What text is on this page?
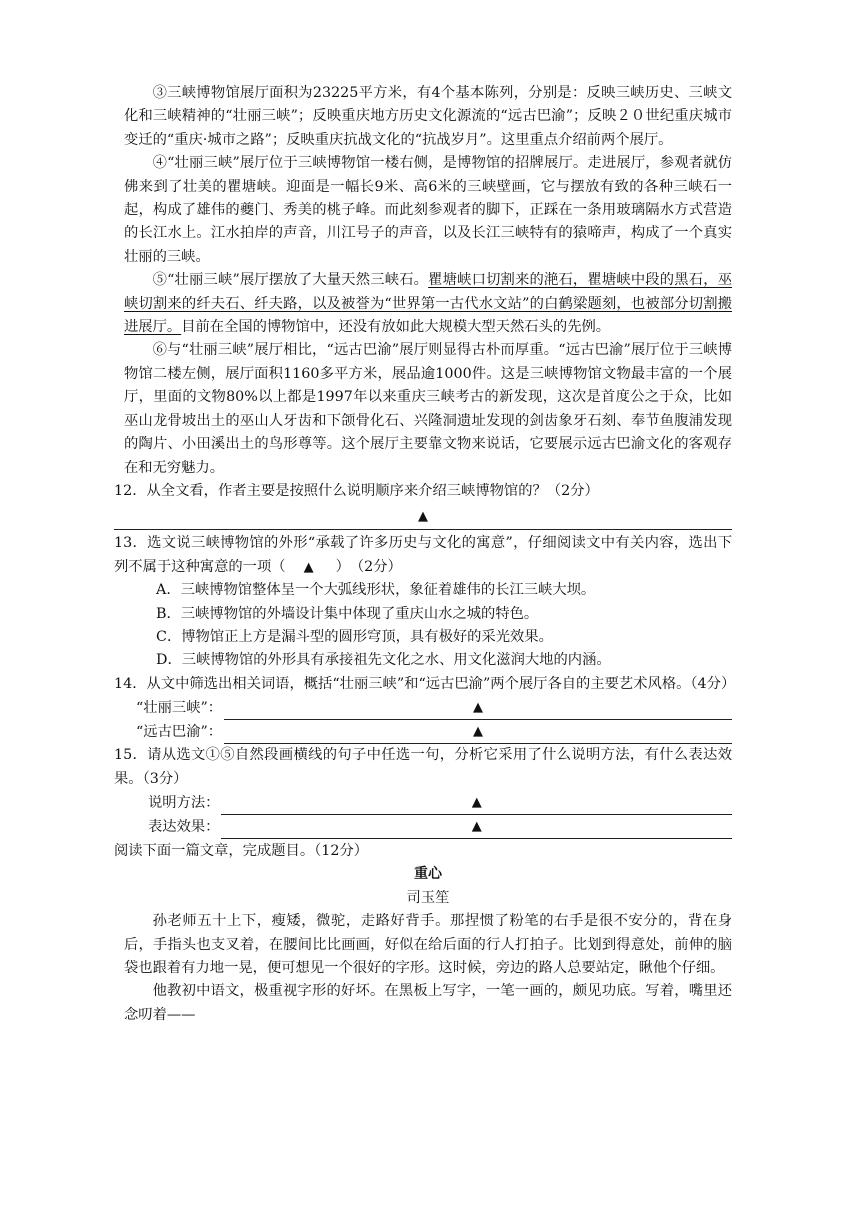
③三峡博物馆展厅面积为23225平方米，有4个基本陈列，分别是：反映三峡历史、三峡文化和三峡精神的“壮丽三峡”；反映重庆地方历史文化源流的“远古巴渝”；反映２０世纪重庆城市变迁的“重庆·城市之路”；反映重庆抗战文化的“抗战岁月”。这里重点介绍前两个展厅。

④“壮丽三峡”展厅位于三峡博物馆一楼右侧，是博物馆的招牌展厅。走进展厅，参观者就仿佛来到了壮美的瞿塘峡。迎面是一幅长9米、高6米的三峡壁画，它与摆放有致的各种三峡石一起，构成了雄伟的夔门、秀美的桃子峰。而此刻参观者的脚下，正踩在一条用玻璃隔水方式营造的长江水上。江水拍岸的声音，川江号子的声音，以及长江三峡特有的猿啼声，构成了一个真实壮丽的三峡。

⑤“壮丽三峡”展厅摆放了大量天然三峡石。瞿塘峡口切割来的滟石，瞿塘峡中段的黑石，巫峡切割来的纤夫石、纤夫路，以及被誉为“世界第一古代水文站”的白鹤梁题刻，也被部分切割搬进展厅。目前在全国的博物馆中，还没有放如此大规模大型天然石头的先例。

⑥与“壮丽三峡”展厅相比，“远古巴渝”展厅则显得古朴而厚重。“远古巴渝”展厅位于三峡博物馆二楼左侧，展厅面积1160多平方米，展品逾1000件。这是三峡博物馆文物最丰富的一个展厅，里面的文物80%以上都是1997年以来重庆三峡考古的新发现，这次是首度公之于众，比如巫山龙骨坡出土的巫山人牙齿和下颌骨化石、兴隆洞遗址发现的剑齿象牙石刻、奉节鱼腹浦发现的陶片、小田溪出土的鸟形尊等。这个展厅主要靠文物来说话，它要展示远古巴渝文化的客观存在和无穷魅力。

12．从全文看，作者主要是按照什么说明顺序来介绍三峡博物馆的？（2分）

▲

13．选文说三峡博物馆的外形“承载了许多历史与文化的寓意”，仔细阅读文中有关内容，选出下列不属于这种寓意的一项（ ▲ ）　（2分）

A．三峡博物馆整体呈一个大弧线形状，象征着雄伟的长江三峡大坝。

B．三峡博物馆的外墙设计集中体现了重庆山水之城的特色。

C．博物馆正上方是漏斗型的圆形穹顶，具有极好的采光效果。

D．三峡博物馆的外形具有承接祖先文化之水、用文化滋润大地的内涵。

14．从文中筛选出相关词语，概括“壮丽三峡”和“远古巴渝”两个展厅各自的主要艺术风格。（4分）

“壮丽三峡”：	▲
“远古巴渝”：	▲

15．请从选文①⑤自然段画横线的句子中任选一句，分析它采用了什么说明方法，有什么表达效果。（3分）

说明方法：	▲
表达效果：	▲

阅读下面一篇文章，完成题目。（12分）

重心

司玉笙

孙老师五十上下，瘦矮，微驼，走路好背手。那捏惯了粉笔的右手是很不安分的，背在身后，手指头也支叉着，在腰间比比画画，好似在给后面的行人打拍子。比划到得意处，前伸的脑袋也跟着有力地一晃，便可想见一个很好的字形。这时候，旁边的路人总要站定，瞅他个仔细。

他教初中语文，极重视字形的好坏。在黑板上写字，一笔一画的，颇见功底。写着，嘴里还念叨着——
